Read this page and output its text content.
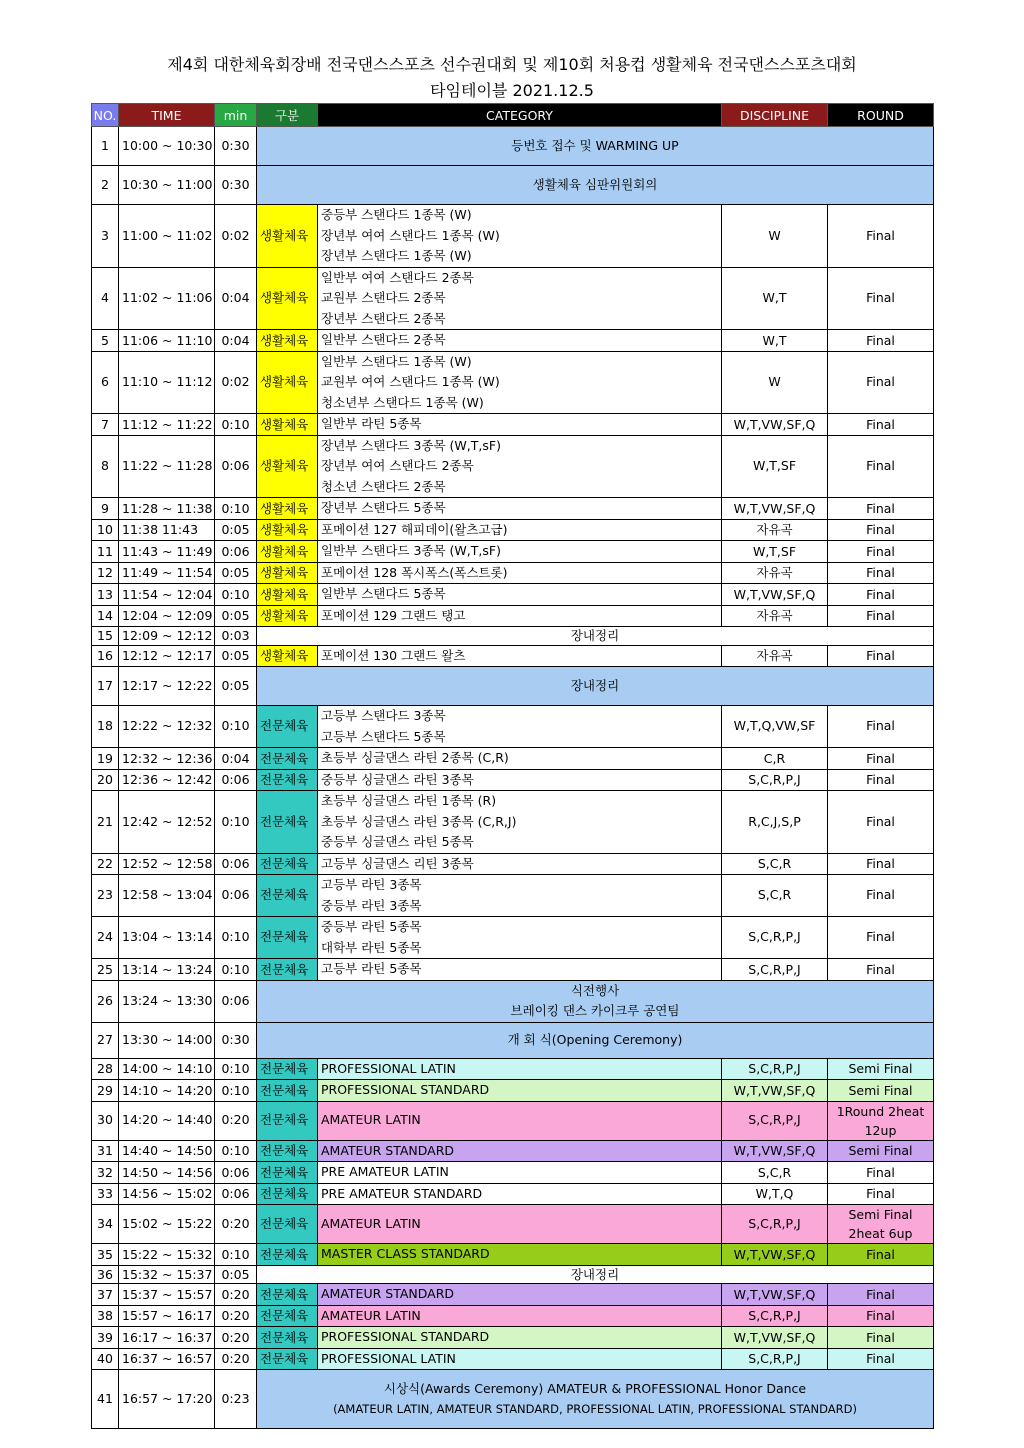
제4회 대한체육회장배 전국댄스스포츠 선수권대회 및 제10회 처용컵 생활체육 전국댄스스포츠대회
타임테이블 2021.12.5
NO.	TIME	min	구분	CATEGORY	DISCIPLINE	ROUND
1	10:00 ~ 10:30	0:30	등번호 접수 및 WARMING UP			

2	10:30 ~ 11:00	0:30	생활체육 심판위원회의			

3	11:00 ~ 11:02	0:02	생활체육	중등부 스탠다드 1종목 (W)
장년부 여여 스탠다드 1종목 (W)
장년부 스탠다드 1종목 (W)	W	Final
4	11:02 ~ 11:06	0:04	생활체육	일반부 여여 스탠다드 2종목
교원부 스탠다드 2종목
장년부 스탠다드 2종목	W,T	Final
5	11:06 ~ 11:10	0:04	생활체육	일반부 스탠다드 2종목	W,T	Final
6	11:10 ~ 11:12	0:02	생활체육	일반부 스탠다드 1종목 (W)
교원부 여여 스탠다드 1종목 (W)
청소년부 스탠다드 1종목 (W)	W	Final
7	11:12 ~ 11:22	0:10	생활체육	일반부 라틴 5종목	W,T,VW,SF,Q	Final
8	11:22 ~ 11:28	0:06	생활체육	장년부 스탠다드 3종목 (W,T,sF)
장년부 여여 스탠다드 2종목
청소년 스탠다드 2종목	W,T,SF	Final
9	11:28 ~ 11:38	0:10	생활체육	장년부 스탠다드 5종목	W,T,VW,SF,Q	Final
10	11:38 11:43	0:05	생활체육	포메이션 127 해피데이(왈츠고급)	자유곡	Final
11	11:43 ~ 11:49	0:06	생활체육	일반부 스탠다드 3종목 (W,T,sF)	W,T,SF	Final
12	11:49 ~ 11:54	0:05	생활체육	포메이션 128 폭시폭스(폭스트롯)	자유곡	Final
13	11:54 ~ 12:04	0:10	생활체육	일반부 스탠다드 5종목	W,T,VW,SF,Q	Final
14	12:04 ~ 12:09	0:05	생활체육	포메이션 129 그랜드 탱고	자유곡	Final
15	12:09 ~ 12:12	0:03	장내정리			

16	12:12 ~ 12:17	0:05	생활체육	포메이션 130 그랜드 왈츠	자유곡	Final
17	12:17 ~ 12:22	0:05	장내정리			

18	12:22 ~ 12:32	0:10	전문체육	고등부 스탠다드 3종목
고등부 스탠다드 5종목	W,T,Q,VW,SF	Final
19	12:32 ~ 12:36	0:04	전문체육	초등부 싱글댄스 라틴 2종목 (C,R)	C,R	Final
20	12:36 ~ 12:42	0:06	전문체육	중등부 싱글댄스 라틴 3종목	S,C,R,P,J	Final
21	12:42 ~ 12:52	0:10	전문체육	초등부 싱글댄스 라틴 1종목 (R)
초등부 싱글댄스 라틴 3종목 (C,R,J)
중등부 싱글댄스 라틴 5종목	R,C,J,S,P	Final
22	12:52 ~ 12:58	0:06	전문체육	고등부 싱글댄스 리틴 3종목	S,C,R	Final
23	12:58 ~ 13:04	0:06	전문체육	고등부 라틴 3종목
중등부 라틴 3종목	S,C,R	Final
24	13:04 ~ 13:14	0:10	전문체육	중등부 라틴 5종목
대학부 라틴 5종목	S,C,R,P,J	Final
25	13:14 ~ 13:24	0:10	전문체육	고등부 라틴 5종목	S,C,R,P,J	Final
26	13:24 ~ 13:30	0:06	식전행사
브레이킹 댄스 카이크루 공연팀			

27	13:30 ~ 14:00	0:30	개 회 식(Opening Ceremony)			

28	14:00 ~ 14:10	0:10	전문체육	PROFESSIONAL LATIN	S,C,R,P,J	Semi Final
29	14:10 ~ 14:20	0:10	전문체육	PROFESSIONAL STANDARD	W,T,VW,SF,Q	Semi Final
30	14:20 ~ 14:40	0:20	전문체육	AMATEUR LATIN	S,C,R,P,J	1Round 2heat 12up
31	14:40 ~ 14:50	0:10	전문체육	AMATEUR STANDARD	W,T,VW,SF,Q	Semi Final
32	14:50 ~ 14:56	0:06	전문체육	PRE AMATEUR LATIN	S,C,R	Final
33	14:56 ~ 15:02	0:06	전문체육	PRE AMATEUR STANDARD	W,T,Q	Final
34	15:02 ~ 15:22	0:20	전문체육	AMATEUR LATIN	S,C,R,P,J	Semi Final 2heat 6up
35	15:22 ~ 15:32	0:10	전문체육	MASTER CLASS STANDARD	W,T,VW,SF,Q	Final
36	15:32 ~ 15:37	0:05	장내정리			

37	15:37 ~ 15:57	0:20	전문체육	AMATEUR STANDARD	W,T,VW,SF,Q	Final
38	15:57 ~ 16:17	0:20	전문체육	AMATEUR LATIN	S,C,R,P,J	Final
39	16:17 ~ 16:37	0:20	전문체육	PROFESSIONAL STANDARD	W,T,VW,SF,Q	Final
40	16:37 ~ 16:57	0:20	전문체육	PROFESSIONAL LATIN	S,C,R,P,J	Final
41	16:57 ~ 17:20	0:23	시상식(Awards Ceremony) AMATEUR & PROFESSIONAL Honor Dance
(AMATEUR LATIN, AMATEUR STANDARD, PROFESSIONAL LATIN, PROFESSIONAL STANDARD)			
